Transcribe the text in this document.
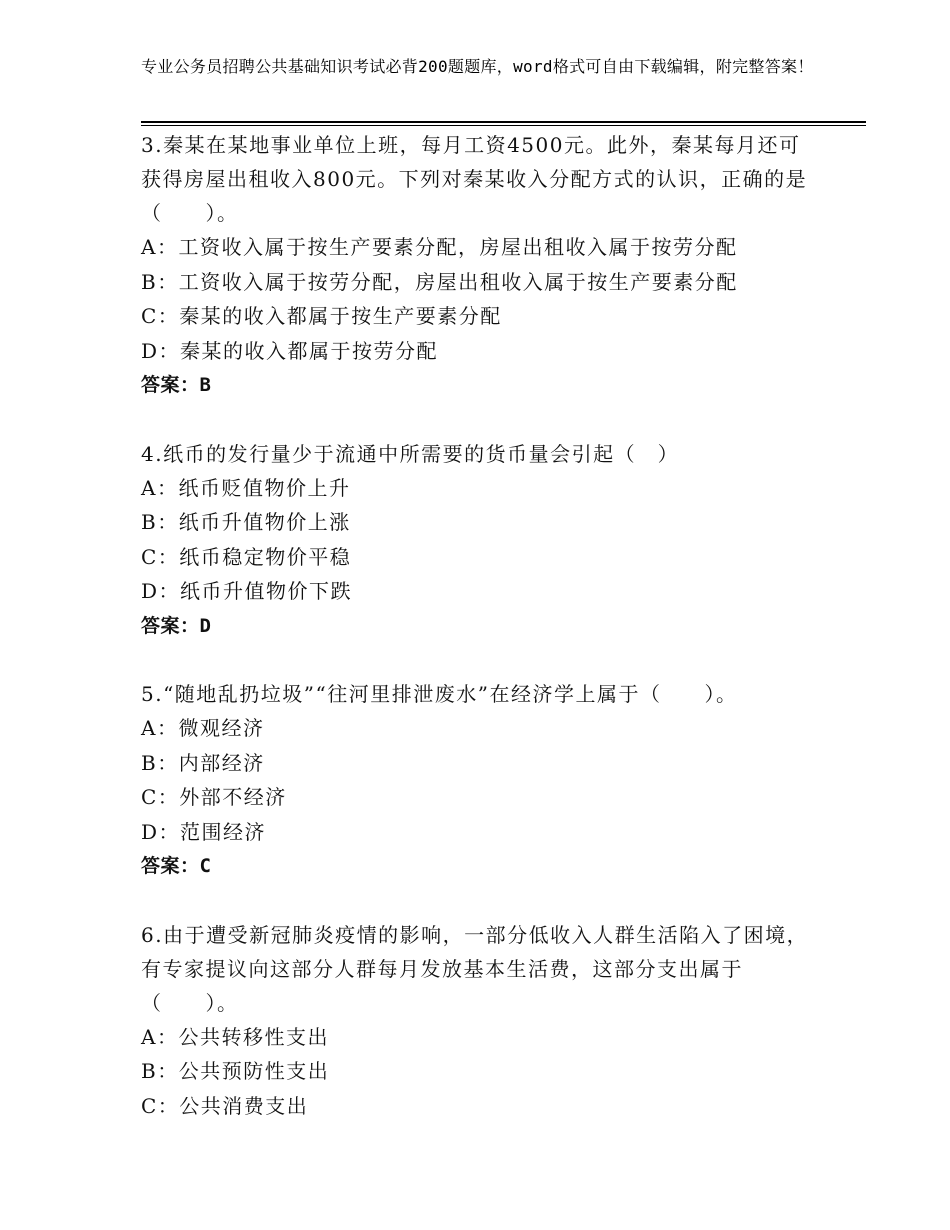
专业公务员招聘公共基础知识考试必背200题题库，word格式可自由下载编辑，附完整答案！

3.秦某在某地事业单位上班，每月工资4500元。此外，秦某每月还可获得房屋出租收入800元。下列对秦某收入分配方式的认识，正确的是（　　）。

A：工资收入属于按生产要素分配，房屋出租收入属于按劳分配

B：工资收入属于按劳分配，房屋出租收入属于按生产要素分配

C：秦某的收入都属于按生产要素分配

D：秦某的收入都属于按劳分配

答案：B

4.纸币的发行量少于流通中所需要的货币量会引起（　）

A：纸币贬值物价上升

B：纸币升值物价上涨

C：纸币稳定物价平稳

D：纸币升值物价下跌

答案：D

5.“随地乱扔垃圾”“往河里排泄废水”在经济学上属于（　　）。

A：微观经济

B：内部经济

C：外部不经济

D：范围经济

答案：C

6.由于遭受新冠肺炎疫情的影响，一部分低收入人群生活陷入了困境，有专家提议向这部分人群每月发放基本生活费，这部分支出属于（　　）。

A：公共转移性支出

B：公共预防性支出

C：公共消费支出
